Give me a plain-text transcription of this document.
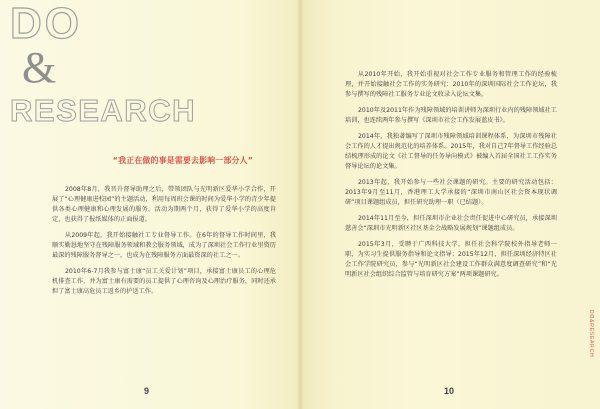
DO
&
RESEARCH
“我正在做的事是需要去影响一部分人”

2008年8月，我晋升督导助理之后，带领团队与光明新区爱华小学合作，开展了“心理健康进校园”的主题活动，利用每周班会课的时间为爱华小学的青少年提供各类心理健康和心理发展的服务。活动为期两个月，获得了爱华小学的高度肯定，也获得了报纸媒体的正面报道。

从2009年起，我开始接触社工专业督导工作。在6年的督导工作时间里，我顺实勤恳地坚守在残障服务领域和教会服务领域，成为了深圳社会工作行业里资历最深的残障服务督导之一，也成为在残障服务方面最资深的社工之一。

2010年6-7月我参与富士康“员工关爱计划”项目，承接富士康员工的心理危机排查工作，并为富士康有需要的员工提供了心理咨询及心理治疗服务，同时还承担了富士康高危员工返乡的护送工作。

从2010年开始，我开始重视对社会工作专业服务和管理工作的经验梳理，并开始接触社会工作的实务研究：2010年的深圳国际社会工作论坛，我参与撰写的残障社工服务专业论文收录入论坛文集。

2010年及2011年作为残障领域的培训讲师为深圳行业内的残障领域社工培训，也连续两年参与撰写《深圳市社会工作发展蓝皮书》。

2014年，我独著编写了深圳市残障领域培训课程体系，为深圳市残障社会工作的人才提出规范化的培养体系。2015年，我对自己7年督导工作经验总结梳理形成的论文《社工督导的任务导向模式》被编入首届全国社工工作实务督导论坛的论文集。

2013年起，我开始参与一些社会课题的研究。主要的研究活动包括：2013年9月至11月，香港理工大学承接的“深圳市南山区社会资本现状调研”项目课题组成员，担任研究助理一职（已结题）。

2014年11月至今，担任深圳市企业社会责任促进中心研究员，承接深圳慈善会“深圳市光明新区社区基金会战略发展规划”课题组成员。

2015年3月，受聘于广西科技大学，担任社会科学院校外指导老师一职，为实习生提供服务指导和论文指导；2015年12月，担任深圳经济特区社会工作学院研究员，参与“光明新区社会建设工作群众满意度调查研究”和“光明新区社会组织综合监管与培育研究方案”两项课题研究。

9	10
DO&RESEARCH
